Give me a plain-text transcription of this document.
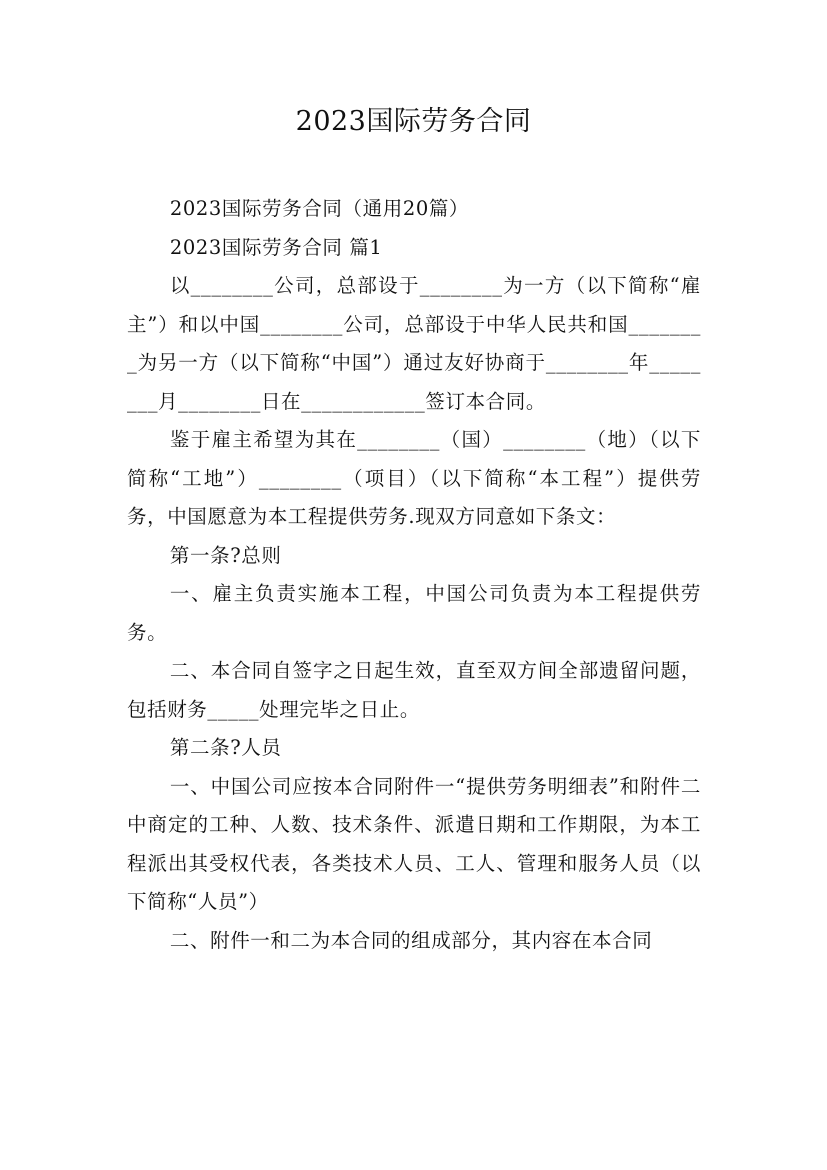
2023国际劳务合同

2023国际劳务合同（通用20篇）

2023国际劳务合同 篇1

以________公司，总部设于________为一方（以下简称“雇主”）和以中国________公司，总部设于中华人民共和国________为另一方（以下简称“中国”）通过友好协商于________年________月________日在____________签订本合同。

鉴于雇主希望为其在________（国）________（地）（以下简称“工地”）________（项目）（以下简称“本工程”）提供劳务，中国愿意为本工程提供劳务.现双方同意如下条文：

第一条?总则

一、雇主负责实施本工程，中国公司负责为本工程提供劳务。

二、本合同自签字之日起生效，直至双方间全部遗留问题，包括财务_____处理完毕之日止。

第二条?人员

一、中国公司应按本合同附件一“提供劳务明细表”和附件二中商定的工种、人数、技术条件、派遣日期和工作期限，为本工程派出其受权代表，各类技术人员、工人、管理和服务人员（以下简称“人员”）

二、附件一和二为本合同的组成部分，其内容在本合同
